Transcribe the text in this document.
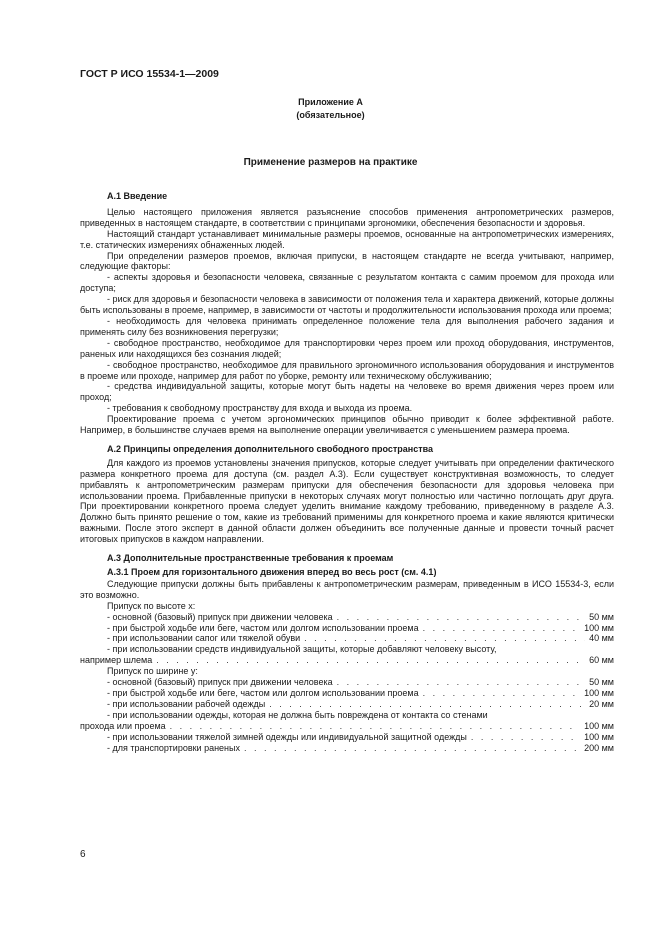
ГОСТ Р ИСО 15534-1—2009
Приложение А
(обязательное)
Применение размеров на практике

А.1 Введение

Целью настоящего приложения является разъяснение способов применения антропометрических размеров, приведенных в настоящем стандарте, в соответствии с принципами эргономики, обеспечения безопасности и здоровья.

Настоящий стандарт устанавливает минимальные размеры проемов, основанные на антропометрических измерениях, т.е. статических измерениях обнаженных людей.

При определении размеров проемов, включая припуски, в настоящем стандарте не всегда учитывают, например, следующие факторы:

- аспекты здоровья и безопасности человека, связанные с результатом контакта с самим проемом для прохода или доступа;

- риск для здоровья и безопасности человека в зависимости от положения тела и характера движений, которые должны быть использованы в проеме, например, в зависимости от частоты и продолжительности использования прохода или проема;

- необходимость для человека принимать определенное положение тела для выполнения рабочего задания и применять силу без возникновения перегрузки;

- свободное пространство, необходимое для транспортировки через проем или проход оборудования, инструментов, раненых или находящихся без сознания людей;

- свободное пространство, необходимое для правильного эргономичного использования оборудования и инструментов в проеме или проходе, например для работ по уборке, ремонту или техническому обслуживанию;

- средства индивидуальной защиты, которые могут быть надеты на человеке во время движения через проем или проход;

- требования к свободному пространству для входа и выхода из проема.

Проектирование проема с учетом эргономических принципов обычно приводит к более эффективной работе. Например, в большинстве случаев время на выполнение операции увеличивается с уменьшением размера проема.

А.2 Принципы определения дополнительного свободного пространства

Для каждого из проемов установлены значения припусков, которые следует учитывать при определении фактического размера конкретного проема для доступа (см. раздел А.3). Если существует конструктивная возможность, то следует прибавлять к антропометрическим размерам припуски для обеспечения безопасности для здоровья человека при использовании проема. Прибавленные припуски в некоторых случаях могут полностью или частично поглощать друг друга. При проектировании конкретного проема следует уделить внимание каждому требованию, приведенному в разделе А.3. Должно быть принято решение о том, какие из требований применимы для конкретного проема и какие являются критически важными. После этого эксперт в данной области должен объединить все полученные данные и провести точный расчет итоговых припусков в каждом направлении.

А.3 Дополнительные пространственные требования к проемам

А.3.1 Проем для горизонтального движения вперед во весь рост (см. 4.1)

Следующие припуски должны быть прибавлены к антропометрическим размерам, приведенным в ИСО 15534-3, если это возможно.

Припуск по высоте x:

- основной (базовый) припуск при движении человека . . .	50 мм
- при быстрой ходьбе или беге, частом или долгом использовании проема . . .	100 мм
- при использовании сапог или тяжелой обуви . . .	40 мм

- при использовании средств индивидуальной защиты, которые добавляют человеку высоту,

например шлема . . .	60 мм

Припуск по ширине y:

- основной (базовый) припуск при движении человека . . .	50 мм
- при быстрой ходьбе или беге, частом или долгом использовании проема . . .	100 мм
- при использовании рабочей одежды . . .	20 мм

- при использовании одежды, которая не должна быть повреждена от контакта со стенами

прохода или проема . . .	100 мм
- при использовании тяжелой зимней одежды или индивидуальной защитной одежды . . .	100 мм
- для транспортировки раненых . . .	200 мм
6
